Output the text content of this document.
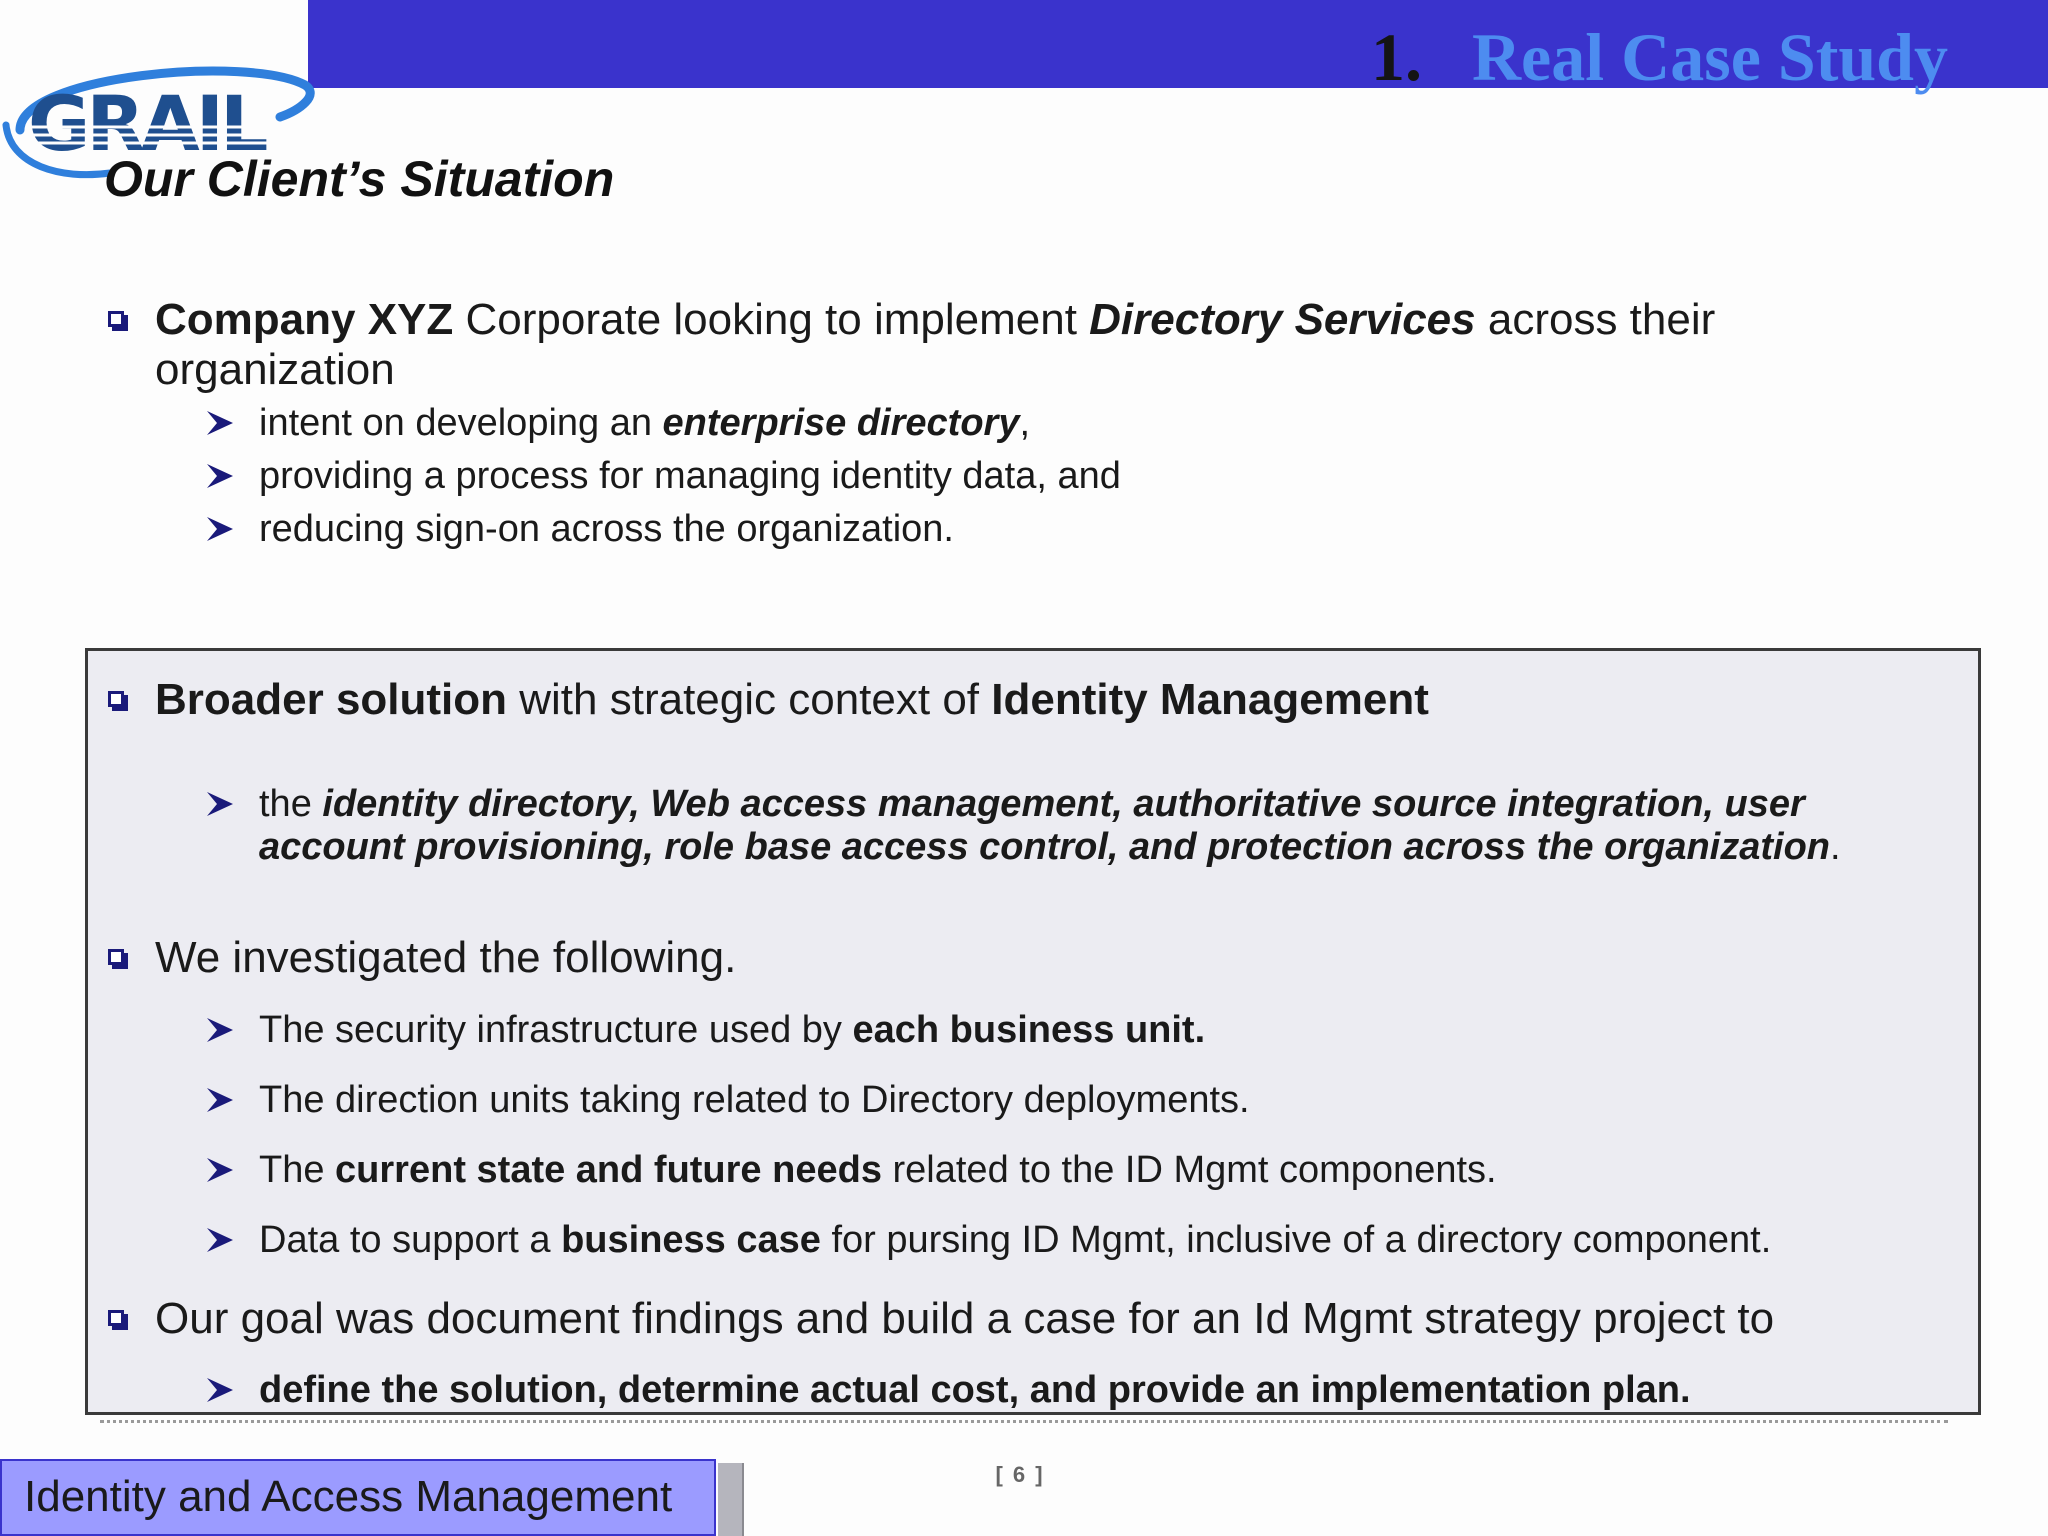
1. Real Case Study
GRAIL
Our Client’s Situation
Company XYZ Corporate looking to implement Directory Services across their organization
intent on developing an enterprise directory,
providing a process for managing identity data, and
reducing sign-on across the organization.
Broader solution with strategic context of Identity Management
the identity directory, Web access management, authoritative source integration, user account provisioning, role base access control, and protection across the organization.
We investigated the following.
The security infrastructure used by each business unit.
The direction units taking related to Directory deployments.
The current state and future needs related to the ID Mgmt components.
Data to support a business case for pursing ID Mgmt, inclusive of a directory component.
Our goal was document findings and build a case for an Id Mgmt strategy project to
define the solution, determine actual cost, and provide an implementation plan.
Identity and Access Management	[ 6 ]
